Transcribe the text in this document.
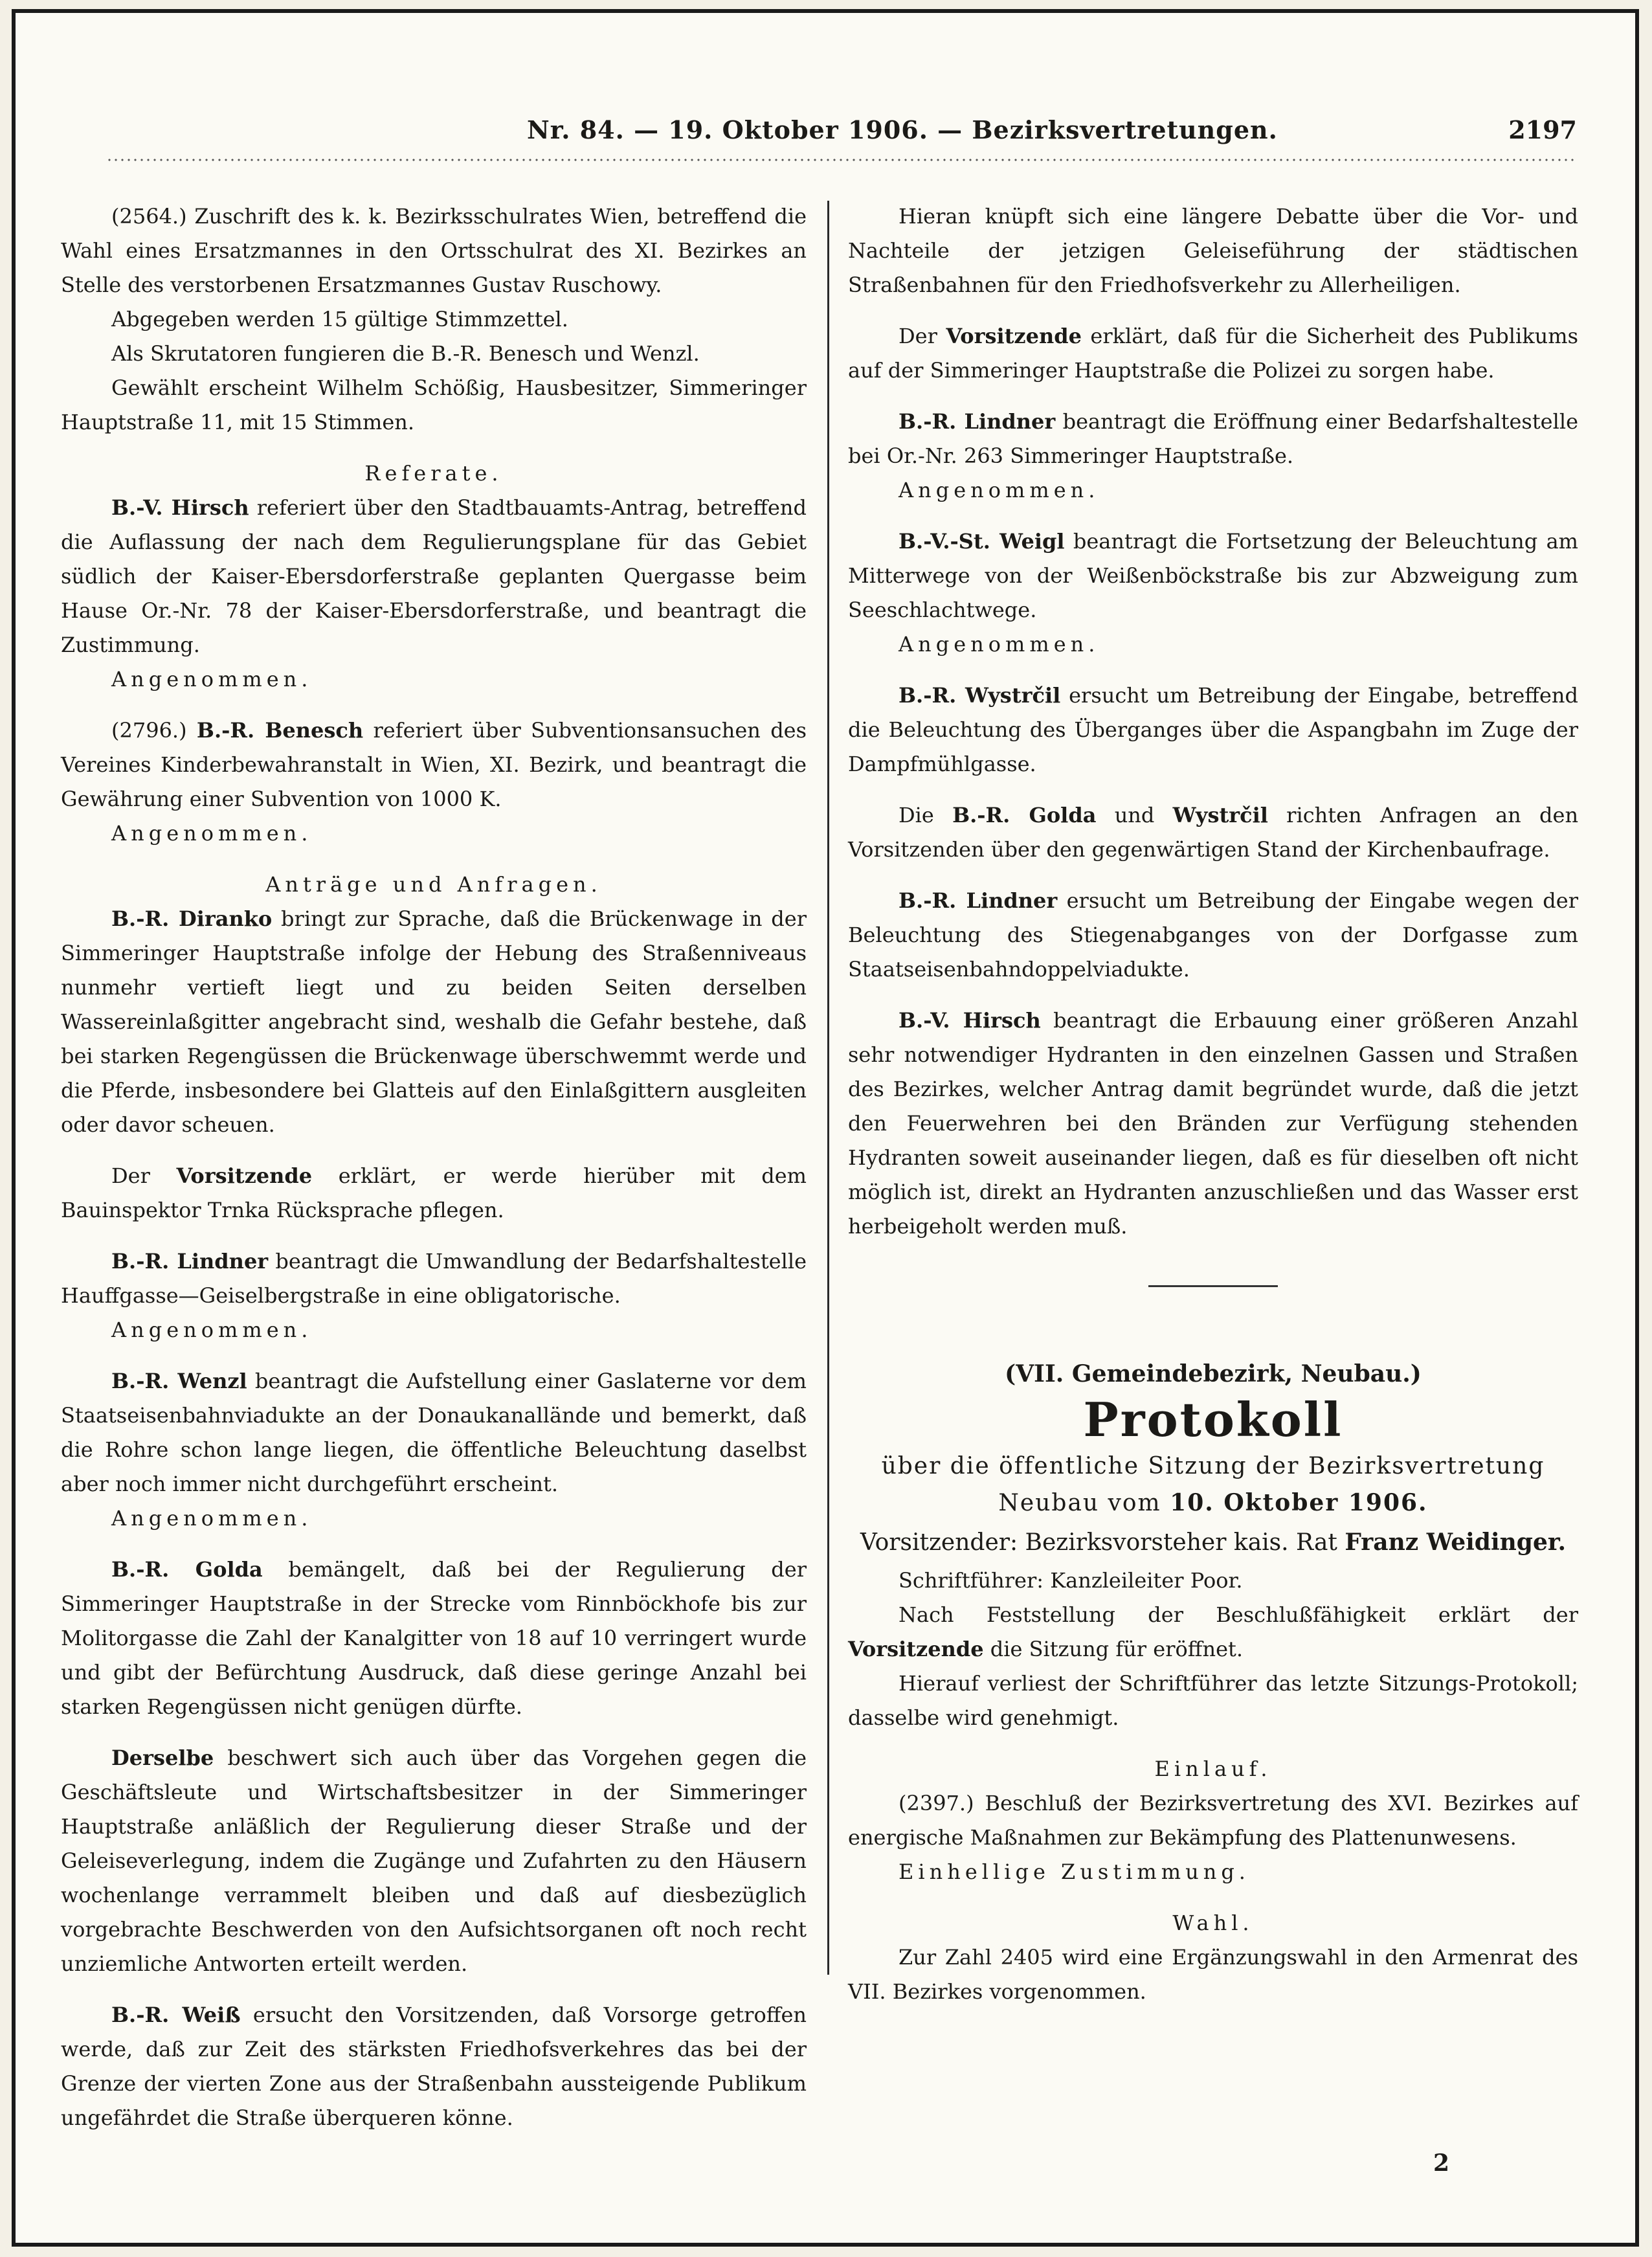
Nr. 84. — 19. Oktober 1906. — Bezirksvertretungen.	2197

(2564.) Zuschrift des k. k. Bezirksschulrates Wien, betreffend die Wahl eines Ersatzmannes in den Ortsschulrat des XI. Bezirkes an Stelle des verstorbenen Ersatzmannes Gustav Ruschowy.

Abgegeben werden 15 gültige Stimmzettel.

Als Skrutatoren fungieren die B.-R. Benesch und Wenzl.

Gewählt erscheint Wilhelm Schößig, Hausbesitzer, Simmeringer Hauptstraße 11, mit 15 Stimmen.

Referate.

B.-V. Hirsch referiert über den Stadtbauamts-Antrag, betreffend die Auflassung der nach dem Regulierungsplane für das Gebiet südlich der Kaiser-Ebersdorferstraße geplanten Quergasse beim Hause Or.-Nr. 78 der Kaiser-Ebersdorferstraße, und beantragt die Zustimmung.

Angenommen.

(2796.) B.-R. Benesch referiert über Subventionsansuchen des Vereines Kinderbewahranstalt in Wien, XI. Bezirk, und beantragt die Gewährung einer Subvention von 1000 K.

Angenommen.

Anträge und Anfragen.

B.-R. Diranko bringt zur Sprache, daß die Brückenwage in der Simmeringer Hauptstraße infolge der Hebung des Straßenniveaus nunmehr vertieft liegt und zu beiden Seiten derselben Wassereinlaßgitter angebracht sind, weshalb die Gefahr bestehe, daß bei starken Regengüssen die Brückenwage überschwemmt werde und die Pferde, insbesondere bei Glatteis auf den Einlaßgittern ausgleiten oder davor scheuen.

Der Vorsitzende erklärt, er werde hierüber mit dem Bauinspektor Trnka Rücksprache pflegen.

B.-R. Lindner beantragt die Umwandlung der Bedarfshaltestelle Hauffgasse—Geiselbergstraße in eine obligatorische.

Angenommen.

B.-R. Wenzl beantragt die Aufstellung einer Gaslaterne vor dem Staatseisenbahnviadukte an der Donaukanallände und bemerkt, daß die Rohre schon lange liegen, die öffentliche Beleuchtung daselbst aber noch immer nicht durchgeführt erscheint.

Angenommen.

B.-R. Golda bemängelt, daß bei der Regulierung der Simmeringer Hauptstraße in der Strecke vom Rinnböckhofe bis zur Molitorgasse die Zahl der Kanalgitter von 18 auf 10 verringert wurde und gibt der Befürchtung Ausdruck, daß diese geringe Anzahl bei starken Regengüssen nicht genügen dürfte.

Derselbe beschwert sich auch über das Vorgehen gegen die Geschäftsleute und Wirtschaftsbesitzer in der Simmeringer Hauptstraße anläßlich der Regulierung dieser Straße und der Geleiseverlegung, indem die Zugänge und Zufahrten zu den Häusern wochenlange verrammelt bleiben und daß auf diesbezüglich vorgebrachte Beschwerden von den Aufsichtsorganen oft noch recht unziemliche Antworten erteilt werden.

B.-R. Weiß ersucht den Vorsitzenden, daß Vorsorge getroffen werde, daß zur Zeit des stärksten Friedhofsverkehres das bei der Grenze der vierten Zone aus der Straßenbahn aussteigende Publikum ungefährdet die Straße überqueren könne.

Hieran knüpft sich eine längere Debatte über die Vor- und Nachteile der jetzigen Geleiseführung der städtischen Straßenbahnen für den Friedhofsverkehr zu Allerheiligen.

Der Vorsitzende erklärt, daß für die Sicherheit des Publikums auf der Simmeringer Hauptstraße die Polizei zu sorgen habe.

B.-R. Lindner beantragt die Eröffnung einer Bedarfshaltestelle bei Or.-Nr. 263 Simmeringer Hauptstraße.

Angenommen.

B.-V.-St. Weigl beantragt die Fortsetzung der Beleuchtung am Mitterwege von der Weißenböckstraße bis zur Abzweigung zum Seeschlachtwege.

Angenommen.

B.-R. Wystrčil ersucht um Betreibung der Eingabe, betreffend die Beleuchtung des Überganges über die Aspangbahn im Zuge der Dampfmühlgasse.

Die B.-R. Golda und Wystrčil richten Anfragen an den Vorsitzenden über den gegenwärtigen Stand der Kirchenbaufrage.

B.-R. Lindner ersucht um Betreibung der Eingabe wegen der Beleuchtung des Stiegenabganges von der Dorfgasse zum Staatseisenbahndoppelviadukte.

B.-V. Hirsch beantragt die Erbauung einer größeren Anzahl sehr notwendiger Hydranten in den einzelnen Gassen und Straßen des Bezirkes, welcher Antrag damit begründet wurde, daß die jetzt den Feuerwehren bei den Bränden zur Verfügung stehenden Hydranten soweit auseinander liegen, daß es für dieselben oft nicht möglich ist, direkt an Hydranten anzuschließen und das Wasser erst herbeigeholt werden muß.

(VII. Gemeindebezirk, Neubau.)

Protokoll

über die öffentliche Sitzung der Bezirksvertretung

Neubau vom 10. Oktober 1906.

Vorsitzender: Bezirksvorsteher kais. Rat Franz Weidinger.

Schriftführer: Kanzleileiter Poor.

Nach Feststellung der Beschlußfähigkeit erklärt der Vorsitzende die Sitzung für eröffnet.

Hierauf verliest der Schriftführer das letzte Sitzungs-Protokoll; dasselbe wird genehmigt.

Einlauf.

(2397.) Beschluß der Bezirksvertretung des XVI. Bezirkes auf energische Maßnahmen zur Bekämpfung des Plattenunwesens.

Einhellige Zustimmung.

Wahl.

Zur Zahl 2405 wird eine Ergänzungswahl in den Armenrat des VII. Bezirkes vorgenommen.

2
